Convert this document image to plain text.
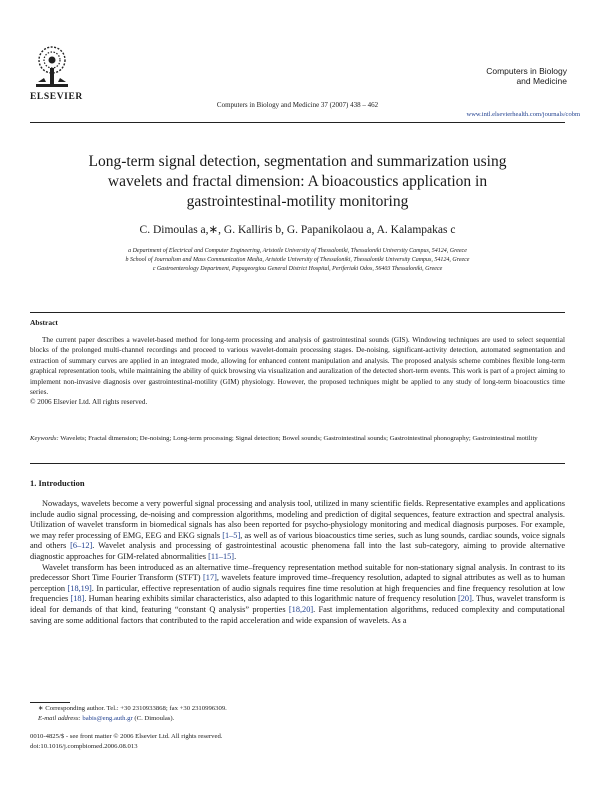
ELSEVIER
Computers in Biology and Medicine 37 (2007) 438 – 462
Computers in Biology
and Medicine
www.intl.elsevierhealth.com/journals/cobm
Long-term signal detection, segmentation and summarization using
wavelets and fractal dimension: A bioacoustics application in
gastrointestinal-motility monitoring
C. Dimoulas a,∗, G. Kalliris b, G. Papanikolaou a, A. Kalampakas c
a Department of Electrical and Computer Engineering, Aristotle University of Thessaloniki, Thessaloniki University Campus, 54124, Greece
b School of Journalism and Mass Communication Media, Aristotle University of Thessaloniki, Thessaloniki University Campus, 54124, Greece
c Gastroenterology Department, Papageorgiou General District Hospital, Periferiaki Odos, 56403 Thessaloniki, Greece
Abstract
The current paper describes a wavelet-based method for long-term processing and analysis of gastrointestinal sounds (GIS). Windowing techniques are used to select sequential blocks of the prolonged multi-channel recordings and proceed to various wavelet-domain processing stages. De-noising, significant-activity detection, automated segmentation and extraction of summary curves are applied in an integrated mode, allowing for enhanced content manipulation and analysis. The proposed analysis scheme combines flexible long-term graphical representation tools, while maintaining the ability of quick browsing via visualization and auralization of the detected short-term events. This work is part of a project aiming to implement non-invasive diagnosis over gastrointestinal-motility (GIM) physiology. However, the proposed techniques might be applied to any study of long-term bioacoustics time series.
© 2006 Elsevier Ltd. All rights reserved.
Keywords: Wavelets; Fractal dimension; De-noising; Long-term processing; Signal detection; Bowel sounds; Gastrointestinal sounds; Gastrointestinal phonography; Gastrointestinal motility
1. Introduction

Nowadays, wavelets become a very powerful signal processing and analysis tool, utilized in many scientific fields. Representative examples and applications include audio signal processing, de-noising and compression algorithms, modeling and prediction of digital sequences, feature extraction and spectral analysis. Utilization of wavelet transform in biomedical signals has also been reported for psycho-physiology monitoring and medical diagnosis purposes. For example, we may refer processing of EMG, EEG and EKG signals [1–5], as well as of various bioacoustics time series, such as lung sounds, cardiac sounds, voice signals and others [6–12]. Wavelet analysis and processing of gastrointestinal acoustic phenomena fall into the last sub-category, aiming to provide alternative diagnostic approaches for GIM-related abnormalities [11–15].

Wavelet transform has been introduced as an alternative time–frequency representation method suitable for non-stationary signal analysis. In contrast to its predecessor Short Time Fourier Transform (STFT) [17], wavelets feature improved time–frequency resolution, adapted to signal attributes as well as to human perception [18,19]. In particular, effective representation of audio signals requires fine time resolution at high frequencies and fine frequency resolution at low frequencies [18]. Human hearing exhibits similar characteristics, also adapted to this logarithmic nature of frequency resolution [20]. Thus, wavelet transform is ideal for demands of that kind, featuring “constant Q analysis” properties [18,20]. Fast implementation algorithms, reduced complexity and computational saving are some additional factors that contributed to the rapid acceleration and wide expansion of wavelets. As a

∗ Corresponding author. Tel.: +30 2310933868; fax +30 2310996309.
E-mail address: babis@eng.auth.gr (C. Dimoulas).
0010-4825/$ - see front matter © 2006 Elsevier Ltd. All rights reserved.
doi:10.1016/j.compbiomed.2006.08.013
